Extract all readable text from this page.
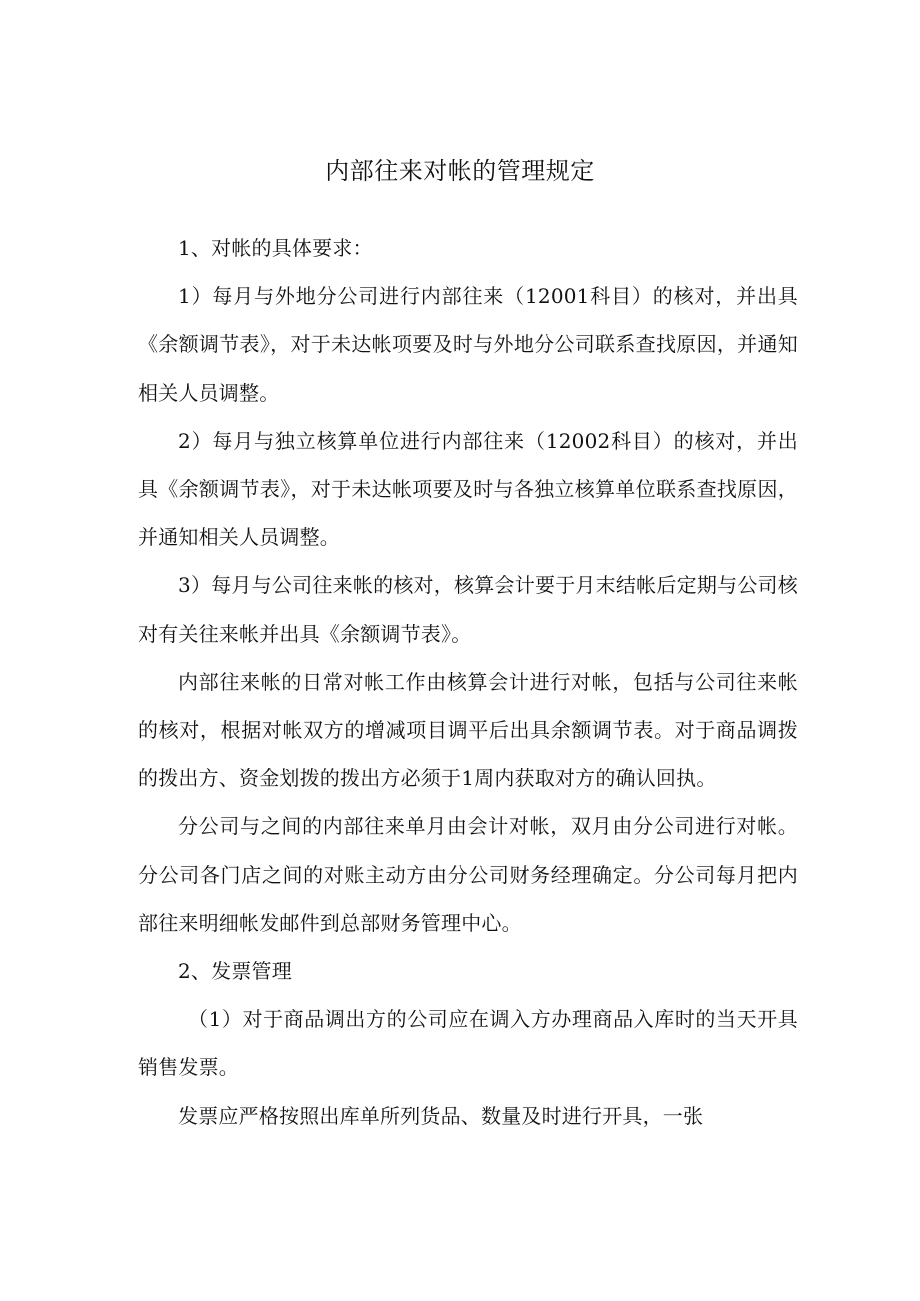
内部往来对帐的管理规定

1、对帐的具体要求：

1）每月与外地分公司进行内部往来（12001科目）的核对，并出具《余额调节表》，对于未达帐项要及时与外地分公司联系查找原因，并通知相关人员调整。

2）每月与独立核算单位进行内部往来（12002科目）的核对，并出具《余额调节表》，对于未达帐项要及时与各独立核算单位联系查找原因，并通知相关人员调整。

3）每月与公司往来帐的核对，核算会计要于月末结帐后定期与公司核对有关往来帐并出具《余额调节表》。

内部往来帐的日常对帐工作由核算会计进行对帐，包括与公司往来帐的核对，根据对帐双方的增减项目调平后出具余额调节表。对于商品调拨的拨出方、资金划拨的拨出方必须于1周内获取对方的确认回执。

分公司与之间的内部往来单月由会计对帐，双月由分公司进行对帐。分公司各门店之间的对账主动方由分公司财务经理确定。分公司每月把内部往来明细帐发邮件到总部财务管理中心。

2、发票管理

（1）对于商品调出方的公司应在调入方办理商品入库时的当天开具销售发票。

发票应严格按照出库单所列货品、数量及时进行开具，一张
